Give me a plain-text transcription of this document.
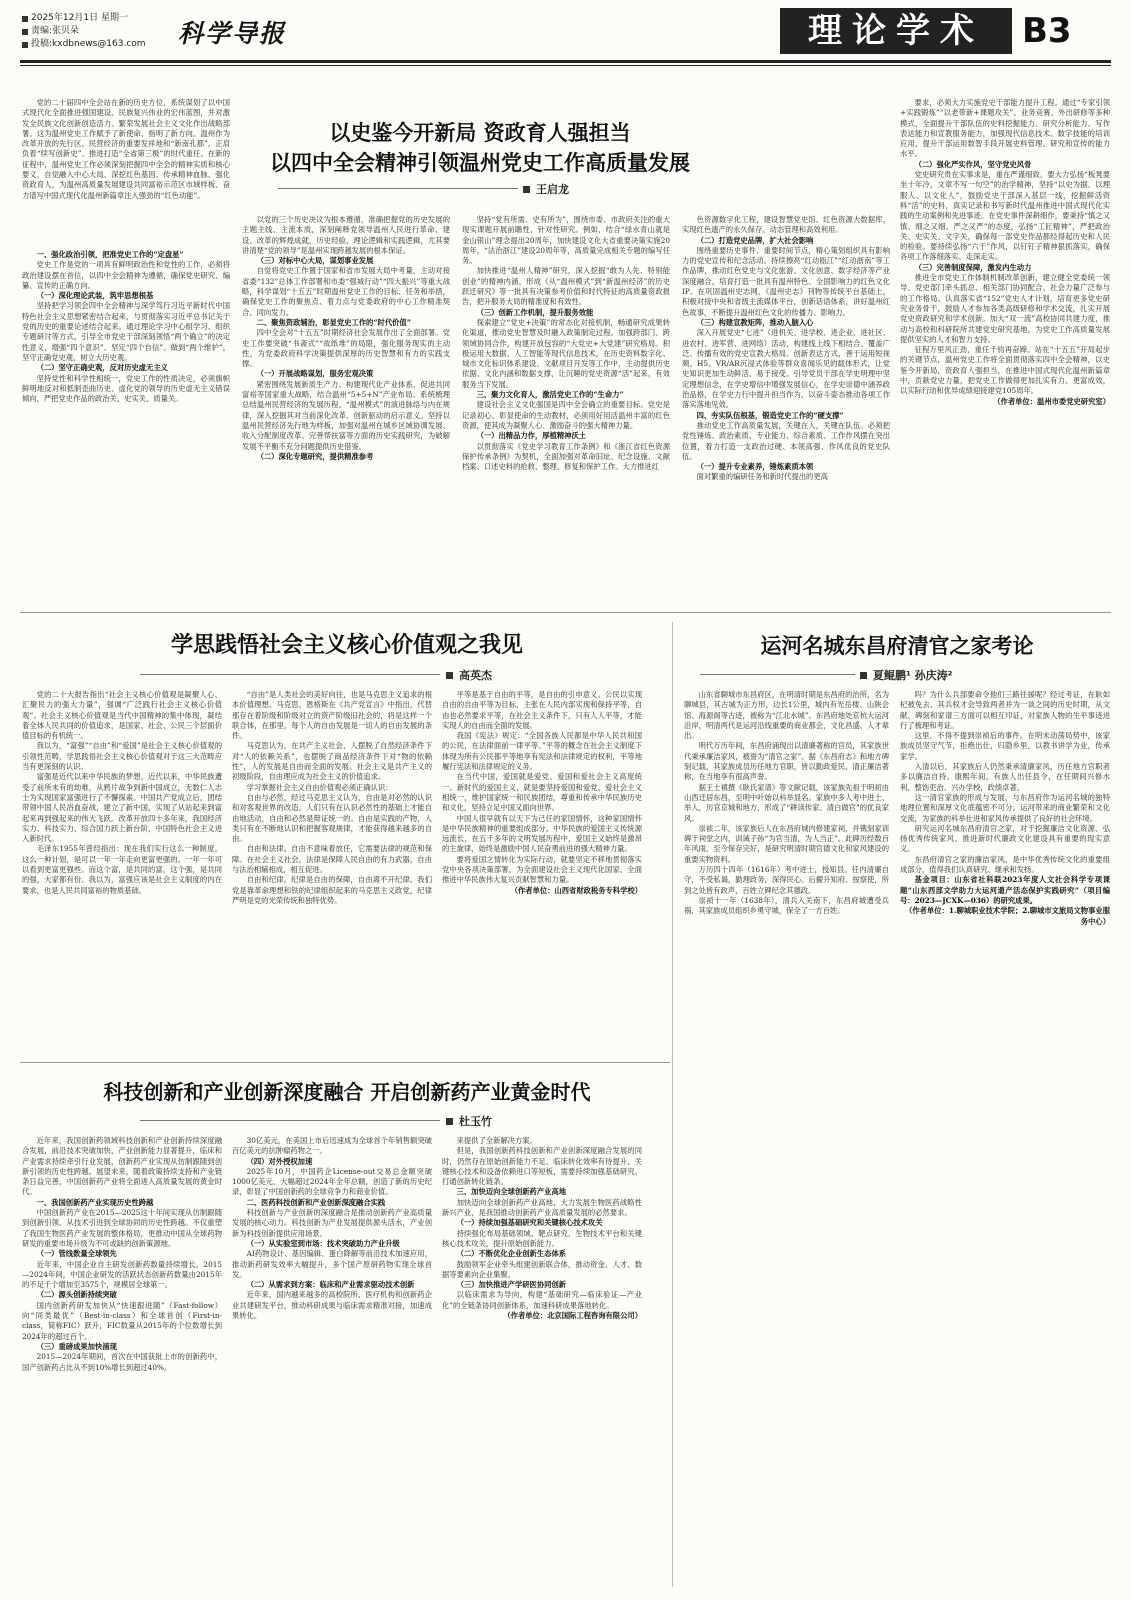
2025年12月1日 星期一
责编:张贝朵
投稿:kxdbnews@163.com 科学导报	理论学术	B3
以史鉴今开新局 资政育人强担当
以四中全会精神引领温州党史工作高质量发展
王启龙

党的二十届四中全会站在新的历史方位，系统谋划了以中国式现代化全面推进强国建设、民族复兴伟业的宏伟蓝图，并对激发全民族文化创新创造活力、繁荣发展社会主义文化作出战略部署。这为温州党史工作赋予了新使命、指明了新方向。温州作为改革开放的先行区、民营经济的重要发祥地和“新南孔都”，正肩负着“续写创新史”、推进打造“全省第三极”的时代重任。在新的征程中，温州党史工作必须深刻把握四中全会的精神实质和核心要义，自觉融入中心大局、深挖红色基因、传承精神血脉、强化资政育人，为温州高质量发展建设共同富裕示范区市域样板、奋力谱写中国式现代化温州新篇章注入强劲的“红色动能”。

一、强化政治引领，把准党史工作的“定盘星”

党史工作是党的一项具有鲜明政治性和党性的工作，必须将政治建设摆在首位，以四中全会精神为遵循，确保党史研究、编纂、宣传的正确方向。

（一）深化理论武装，筑牢思想根基

坚持把学习领会四中全会精神与深学笃行习近平新时代中国特色社会主义思想紧密结合起来，与贯彻落实习近平总书记关于党的历史的重要论述结合起来。通过理论学习中心组学习、组织专题研讨等方式，引导全市党史干部深刻领悟“两个确立”的决定性意义，增强“四个意识”、坚定“四个自信”、做到“两个维护”，坚守正确党史观，树立大历史观。

（二）坚守正确史观，反对历史虚无主义

坚持党性和科学性相统一，党史工作的性质决定，必须旗帜鲜明地反对和抵制歪曲历史、虚化党的领导的历史虚无主义错误倾向，严把党史作品的政治关、史实关、质量关。

以党的三个历史决议为根本遵循，准确把握党的历史发展的主题主线、主流本质，深刻阐释党领导温州人民进行革命、建设、改革的辉煌成就，历史经验，理论逻辑和实践逻辑，尤其要讲清楚“党的领导”是温州实现跨越发展的根本保证。

（三）对标中心大局，谋划事业发展

自觉将党史工作置于国家和省市发展大局中考量，主动对接省委“132”总体工作部署和市委“强城行动”“四大振兴”等重大战略，科学谋划“十五五”时期温州党史工作的目标、任务和举措，确保党史工作的聚焦点、着力点与党委政府的中心工作精准契合、同向发力。

二、聚焦资政辅治，彰显党史工作的“时代价值”

四中全会对“十五五”时期经济社会发展作出了全面部署。党史工作要突破“书斋式”“故纸堆”的局限，强化服务现实的主动性，为党委政府科学决策提供深厚的历史智慧和有力的实践支撑。

（一）开展战略谋划，服务宏观决策

紧密围绕发展新质生产力、构建现代化产业体系、促进共同富裕等国家重大战略，结合温州“5+5+N”产业布局、系统梳理总结温州民营经济的发展历程、“温州模式”的演进脉络与内在规律，深入挖掘其对当前深化改革、创新驱动的启示意义。坚持以温州民营经济先行地为样板，加强对温州在城乡区域协调发展、收入分配制度改革、完善帮扶富等方面的历史实践研究，为破解发展不平衡不充分问题提供历史借鉴。

（二）深化专题研究，提供精准参考

坚持“党有所需、史有所为”，围绕市委、市政府关注的重大现实课题开展前瞻性、针对性研究。例如，结合“绿水青山就是金山银山”理念提出20周年，加快建设文化大省重要决策实施20周年，“法治浙江”建设20周年等，高质量完成相关专题的编写任务。

加快推进“温州人精神”研究，深入挖掘“敢为人先、特别能创业”的精神内涵，形成《从“温州模式”到“新温州经济”的历史跃迁研究》等一批具有决策参考价值和时代特征的高质量资政报告，把升服务大局的精准度和有效性。

（三）创新工作机制，提升服务效能

探索建立“党史+决策”的常态化对接机制，畅通研究成果转化渠道，推动党史智慧及时融入政策制定过程。加强跨部门、跨领域协同合作，构建开放包容的“大党史+大党建”研究格局。积极运用大数据、人工智能等现代信息技术，在历史资料数字化、城市文化标识体系建设、文献项目开发等工作中，主动提供历史依据、文化内涵和数据支撑，让沉睡的党史资源“活”起来，有效服务当下发展。

三、聚力文化育人，激活党史工作的“生命力”

建设社会主义文化强国是四中全会确立的重要目标。党史是记录初心、彰显使命的生动教材，必须用好用活温州丰富的红色资源，使其成为凝聚人心、激励奋斗的强大精神力量。

（一）出精品力作，厚植精神沃土

以贯彻落实《党史学习教育工作条例》和《浙江省红色资源保护传承条例》为契机，全面加强对革命旧址、纪念设施、文献档案、口述史料的抢救、整理、修复和保护工作。大力推进红

色资源数字化工程，建设智慧党史馆、红色资源大数据库，实现红色遗产的永久保存、动态管理和高效利用。

（二）打造党史品牌，扩大社会影响

围绕重要历史事件、重要时间节点，精心策划组织具有影响力的党史宣传和纪念活动。持续擦亮“红动瓯江”“红动浙南”等工作品牌，推动红色党史与文化旅游、文化创意、数字经济等产业深度融合，培育打造一批具有温州特色、全国影响力的红色文化IP。在巩固温州史志网、《温州史志》刊物等传统平台基础上，积极对接中央和省级主流媒体平台，创新话语体系，讲好温州红色故事，不断提升温州红色文化的传播力、影响力。

（三）构建宣教矩阵，推动入脑入心

深入开展党史“七进”（进机关、进学校、进企业、进社区、进农村、进军营、进网络）活动，构建线上线下相结合、覆盖广泛、传播有效的党史宣教大格局。创新表达方式，善于运用短视频、H5、VR/AR沉浸式体验等群众喜闻乐见的载体形式，让党史知识更加生动鲜活、易于接受。引导党员干部在学史明理中坚定理想信念，在学史增信中增强发展信心，在学史崇德中涵养政治品格，在学史力行中提升担当作为，以奋斗姿态推动各项工作落实落地见效。

四、夯实队伍根基，锻造党史工作的“硬支撑”

推动党史工作高质量发展，关键在人，关键在队伍。必须把党性锤炼、政治素质、专业能力、综合素质、工作作风摆在突出位置，着力打造一支政治过硬、本领高强、作风优良的党史队伍。

（一）提升专业素养，锤炼素质本领

面对繁重的编研任务和新时代提出的更高

要求，必须大力实施党史干部能力提升工程。通过“专家引领+实践锻炼”“以老带新+课题攻关”、业务竞赛、外出研修等多种模式，全面提升干部队伍的史料挖掘能力、研究分析能力、写作表达能力和宣教服务能力，加强现代信息技术、数字技能的培训应用，提升干部运用数智手段开展史料管理、研究和宣传的能力水平。

（二）强化严实作风，坚守党史风骨

党史研究贵在实事求是，重在严谨细致。要大力弘扬“板凳要坐十年冷，文章不写一句空”的治学精神，坚持“以史为据、以理服人、以文化人”，鼓励党史干部深入基层一线，挖掘鲜活资料“活”的史料，真实记录和书写新时代温州推进中国式现代化实践的生动案例和先进事迹。在党史事件深耕细作，要秉持“慎之又慎、细之又细、严之又严”的态度，弘扬“工匠精神”，严把政治关、史实关、文字关，确保每一部党史作品都经得起历史和人民的检验。要持续弘扬“六干”作风，以钉钉子精神狠抓落实，确保各项工作落细落实、走深走实。

（三）完善制度保障，激发内生动力

推进全市党史工作体制机制改革创新，建立健全党委统一领导、党史部门牵头抓总、相关部门协同配合、社会力量广泛参与的工作格局。认真落实省“152”党史人才计划，培育更多党史研究业务骨干，鼓励人才参加各类高级研修和学术交流，扎实开展党史资政研究和学术创新。加大“双一流”高校协同共建力度，推动与高校和科研院所共建党史研究基地，为党史工作高质量发展提供坚实的人才和智力支持。

征程万里风正劲，重任千钧再奋蹄。站在“十五五”开局起步的关键节点，温州党史工作将全面贯彻落实四中全会精神，以史鉴今开新局，资政育人强担当，在推进中国式现代化温州新篇章中，贡献党史力量，把党史工作做得更加扎实有力、更富成效，以实际行动和优异成绩迎接建党105周年。

（作者单位：温州市委党史研究室）

学思践悟社会主义核心价值观之我见
高英杰

党的二十大报告指出“社会主义核心价值观是凝聚人心、汇聚民力的强大力量”，强调“广泛践行社会主义核心价值观”。社会主义核心价值观是当代中国精神的集中体现，凝结着全体人民共同的价值追求，是国家、社会、公民三个层面价值目标的有机统一。

我以为，“富强”“自由”和“爱国”是社会主义核心价值观的引领性范畴，学思践悟社会主义核心价值观对于这三大范畴应当有更深刻的认识。

富强是近代以来中华民族的梦想。近代以来，中华民族遭受了前所未有的劫难，从鸦片战争到新中国成立，无数仁人志士为实现国家富强进行了不懈探索。中国共产党成立后，团结带领中国人民浴血奋战，建立了新中国，实现了从站起来到富起来再到强起来的伟大飞跃。改革开放四十多年来，我国经济实力、科技实力、综合国力跃上新台阶，中国特色社会主义进入新时代。

毛泽东1955年曾经指出：现在我们实行这么一种制度，这么一种计划，是可以一年一年走向更富更强的。一年一年可以看到更富更强些。而这个富，是共同的富，这个强，是共同的强，大家都有份。我以为，富强应该是社会主义制度的内在要求，也是人民共同富裕的物质基础。

“自由”是人类社会的美好向往，也是马克思主义追求的根本价值理想。马克思、恩格斯在《共产党宣言》中指出，代替那存在着阶级和阶级对立的资产阶级旧社会的，将是这样一个联合体，在那里，每个人的自由发展是一切人的自由发展的条件。

马克思认为，在共产主义社会，人摆脱了自然经济条件下对“人的依赖关系”，也摆脱了商品经济条件下对“物的依赖性”，人的发展是自由而全面的发展。社会主义是共产主义的初级阶段，自由理应成为社会主义的价值追求。

学习掌握社会主义自由价值观必须正确认识：

自由与必然，经过马克思主义认为，自由是对必然的认识和对客观世界的改造。人们只有在认识必然性的基础上才能自由地活动，自由和必然是辩证统一的。自由是实践的产物，人类只有在不断地认识和把握客观规律，才能获得越来越多的自由。

自由和法律。自由不意味着放任，它需要法律的规范和保障。在社会主义社会，法律是保障人民自由的有力武器，自由与法治相辅相成，相互促进。

自由和纪律。纪律是自由的保障，自由离不开纪律。我们党是靠革命理想和铁的纪律组织起来的马克思主义政党，纪律严明是党的光荣传统和独特优势。

平等是基于自由的平等，是自由的引申意义。公民以实现自由的自由平等为目标，主张在人民内部实现和保持平等，自由也必然要求平等，在社会主义条件下，只有人人平等，才能实现人的自由而全面的发展。

我国《宪法》规定：“全国各族人民都是中华人民共和国的公民，在法律面前一律平等。”平等的概念在社会主义制度下体现为所有公民都平等地享有宪法和法律规定的权利，平等地履行宪法和法律规定的义务。

在当代中国，爱国就是爱党、爱国和爱社会主义高度统一。新时代的爱国主义，就是要坚持爱国和爱党、爱社会主义相统一，维护国家统一和民族团结，尊重和传承中华民族历史和文化，坚持立足中国又面向世界。

中国人很早就有以天下为己任的家国情怀，这种家国情怀是中华民族精神的重要组成部分。中华民族的爱国主义传统源远流长，在五千多年的文明发展历程中，爱国主义始终是激昂的主旋律，始终是激励中国人民奋勇前进的强大精神力量。

要将爱国之情转化为实际行动，就要坚定不移地贯彻落实党中央各项决策部署，为全面建设社会主义现代化国家、全面推进中华民族伟大复兴贡献智慧和力量。

（作者单位：山西省财政税务专科学校）

科技创新和产业创新深度融合 开启创新药产业黄金时代
杜玉竹

近年来，我国创新药领域科技创新和产业创新持续深度融合发展，前沿技术突破加快，产业创新能力显著提升，临床和产业需求持续牵引行业发展，创新药产业实现从仿制跟随到创新引领的历史性跨越。展望未来，随着政策持续支持和产业链条日益完善，中国创新药产业将全面进入高质量发展的黄金时代。

一、我国创新药产业实现历史性跨越

中国创新药产业在2015—2025这十年间实现从仿制跟随到创新引领、从技术引进到全球协同的历史性跨越。不仅重塑了我国生物医药产业发展的整体格局，更推动中国从全球药物研发的重要市场升级为不可或缺的创新策源地。

（一）管线数量全球领先

近年来，中国企业自主研发创新药数量持续增长，2015—2024年间，中国企业研发的活跃状态创新药数量由2015年的不足千个增加至3575个，规模居全球第一。

（二）源头创新持续突破

国内创新药研发加快从“快速跟进随”（Fast-follow）向“同类最优”（Best-in-class）和全球首创（First-in-class，简称FIC）跃升，FIC数量从2015年的个位数增长到2024年的超过百个。

（三）重磅成果加快涌现

2015—2024年期间，首次在中国获批上市的创新药中，国产创新药占比从不到10%增长到超过40%。

30亿美元，在美国上市后迅速成为全球首个年销售额突破百亿美元的抗肿瘤药物之一。

（四）对外授权加速

2025年10月，中国药企License-out交易总金额突破1000亿美元，大幅超过2024年全年总额，创造了新的历史纪录，彰显了中国创新药的全球竞争力和商业价值。

二、医药科技创新和产业创新深度融合实践

科技创新与产业创新的深度融合是推动创新药产业高质量发展的核心动力。科技创新为产业发展提供源头活水，产业创新为科技创新提供应用场景。

（一）从实验室到市场：技术突破助力产业升级

AI药物设计、基因编辑、蛋白降解等前沿技术加速应用，推动新药研发效率大幅提升，多个国产原研药物实现全球首发。

（二）从需求到方案：临床和产业需求驱动技术创新

近年来，国内越来越多的高校院所、医疗机构和创新药企业共建研发平台，推动科研成果与临床需求精准对接，加速成果转化。

来提供了全新解决方案。

但是，我国创新药科技创新和产业创新深度融合发展的同时，仍然存在原始创新能力不足、临床转化效率有待提升、关键核心技术和设备依赖进口等短板，需要持续加强基础研究、打通创新转化链条。

三、加快迈向全球创新药产业高地

加快迈向全球创新药产业高地，大力发展生物医药战略性新兴产业，是我国推动创新药产业高质量发展的必然要求。

（一）持续加强基础研究和关键核心技术攻关

持续强化布局基础领域、靶点研究、生物技术平台和关键核心技术攻关，提升原始创新能力。

（二）不断优化企业创新生态体系

鼓励领军企业牵头组建创新联合体，推动资金、人才、数据等要素向企业集聚。

（三）加快推进产学研医协同创新

以临床需求为导向，构建“基础研究—临床验证—产业化”的全链条协同创新体系，加速科研成果落地转化。

（作者单位：北京国际工程咨询有限公司）

运河名城东昌府清官之家考论
夏鲲鹏¹ 孙庆涛²

山东省聊城市东昌府区，在明清时期是东昌府的治所，名为聊城县，其古城为正方形，边长1公里，城内有光岳楼、山陕会馆、海源阁等古迹，被称为“江北水城”。东昌府地处京杭大运河沿岸，明清两代是运河沿线重要的商业都会，文化昌盛、人才辈出。

明代万历年间，东昌府涌现出以清廉著称的官员，其家族世代秉承廉洁家风，被誉为“清官之家”。据《东昌府志》和地方碑刻记载，其家族成员历任地方官职，皆以勤政爱民、清正廉洁著称，在当地享有很高声誉。

据王士禛撰《耿氏家谱》等文献记载，该家族先祖于明初由山西迁居东昌，至明中叶始以科举显名。家族中多人考中进士、举人，历官京城和地方，形成了“耕读传家、清白做官”的优良家风。

崇祯二年，该家族后人在东昌府城内修建家祠，并镌刻家训碑于祠堂之内，训诫子孙“为官当清，为人当正”。此碑历经数百年风雨，至今保存完好，是研究明清时期官德文化和家风建设的重要实物资料。

万历四十四年（1616年）考中进士，授知县。任内清廉自守，不受私谒，勤理政务，深得民心。后擢升知府、按察使，所到之处皆有政声，百姓立碑纪念其德政。

崇祯十一年（1638年），清兵入关南下，东昌府城遭受兵祸，其家族成员组织乡勇守城，保全了一方百姓。

吗？为什么兵部要命令他们三路往援呢？经过考证，在耿如杞被免去、其兵权才会导致两者并为一谈之间的历史时期，从文献、碑刻和家谱三方面可以相互印证，对家族人物的生平事迹进行了梳理和考证。

这里，不得不提到崇祯后的事件。在明末动荡局势中，该家族成员坚守气节，拒绝出仕，归隐乡里，以教书讲学为业，传承家学。

入清以后，其家族后人仍然秉承清廉家风，历任地方官职者多以廉洁自持。康熙年间，有族人出任县令，在任期间兴修水利、整饬吏治、兴办学校，政绩卓著。

这一清官家族的形成与发展，与东昌府作为运河名城的独特地理位置和深厚文化底蕴密不可分。运河带来的商业繁荣和文化交流，为家族的科举仕进和家风传承提供了良好的社会环境。

研究运河名城东昌府清官之家，对于挖掘廉洁文化资源、弘扬优秀传统家风、推进新时代廉政文化建设具有重要的现实意义。

东昌府清官之家的廉洁家风，是中华优秀传统文化的重要组成部分，值得我们认真研究、继承和发扬。

基金项目：山东省社科联2023年度人文社会科学专项课题“山东西部文学助力大运河遗产活态保护实践研究”（项目编号：2023—JCXK—036）的研究成果。

（作者单位：1.聊城职业技术学院；2.聊城市文旅局文物事业服务中心）
